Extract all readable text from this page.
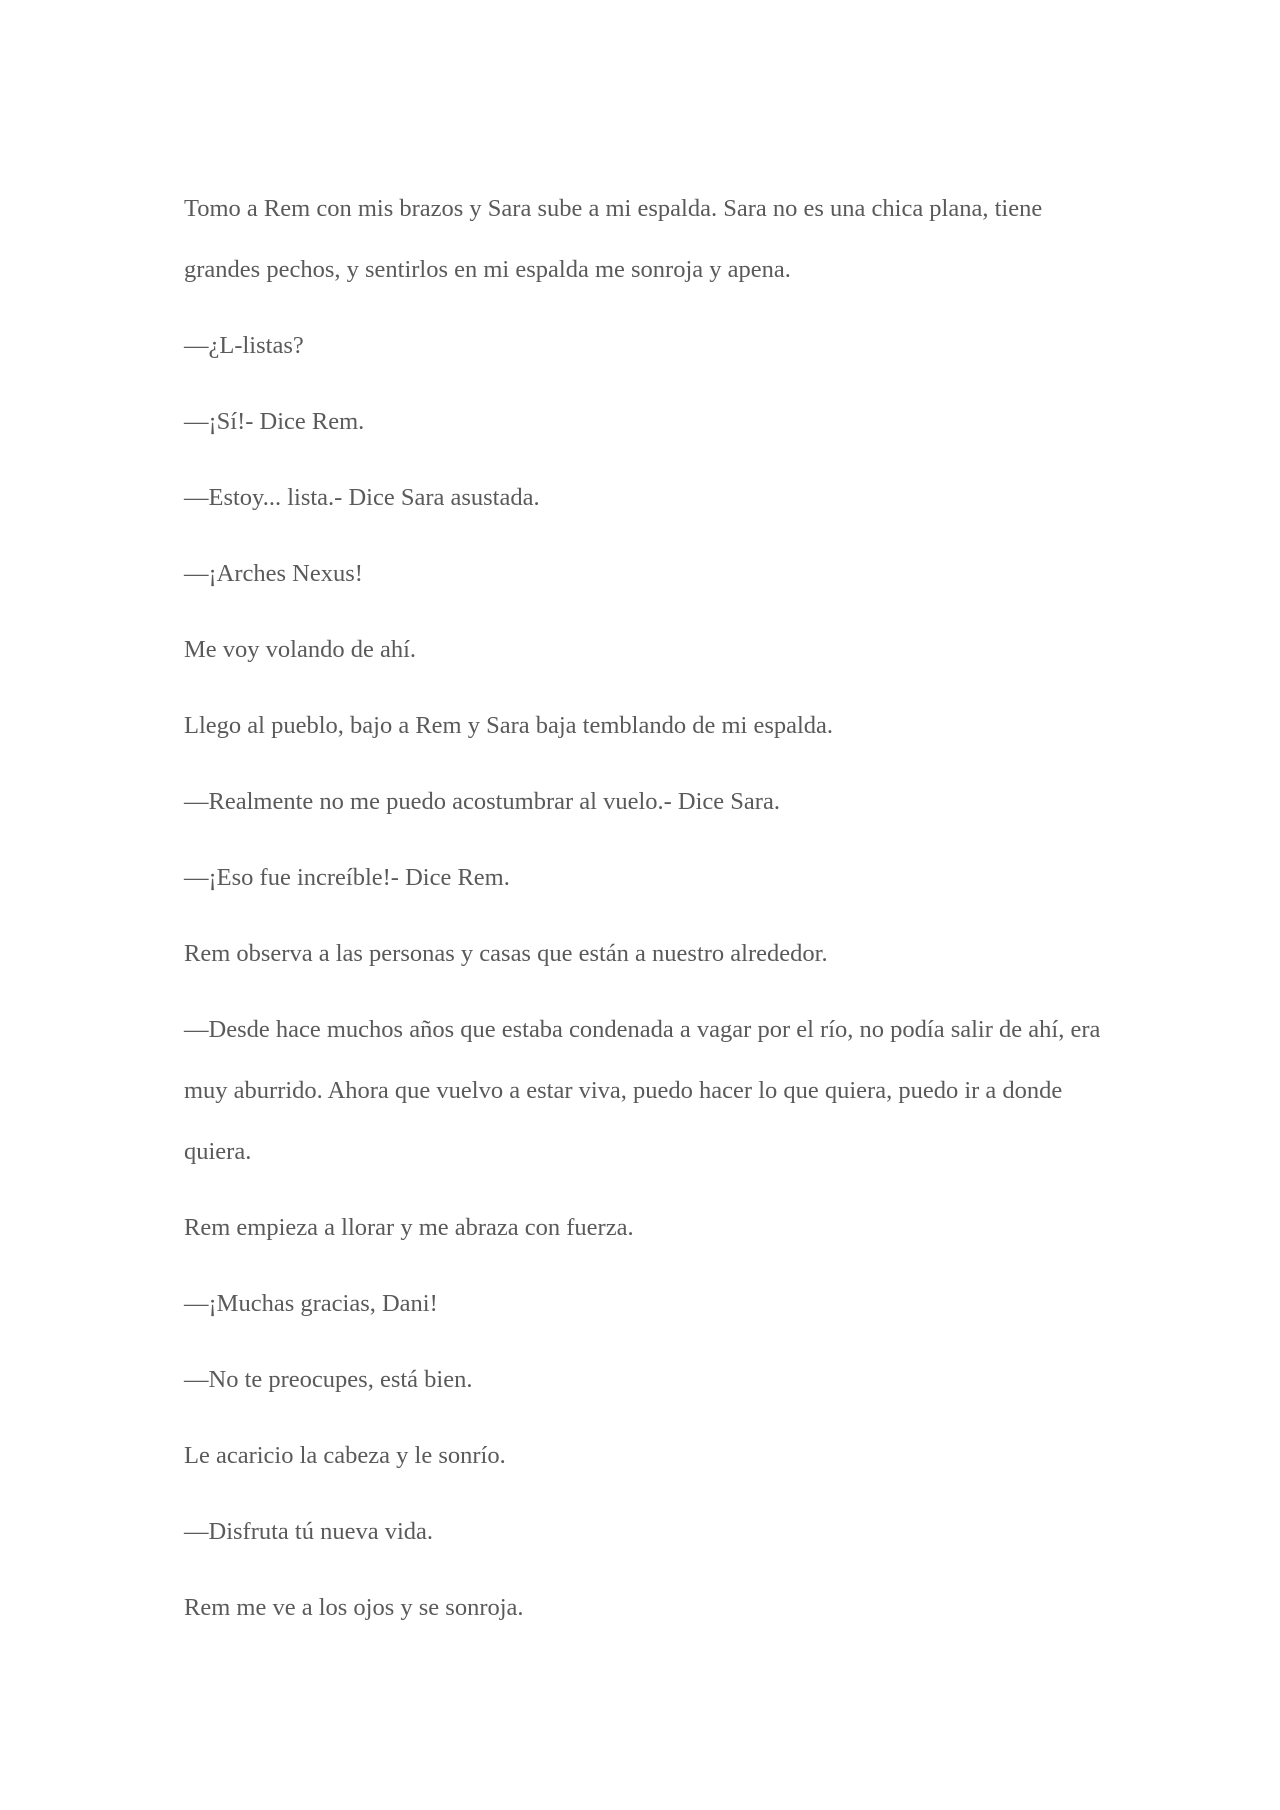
Tomo a Rem con mis brazos y Sara sube a mi espalda. Sara no es una chica plana, tiene grandes pechos, y sentirlos en mi espalda me sonroja y apena.

—¿L-listas?

—¡Sí!- Dice Rem.

—Estoy... lista.- Dice Sara asustada.

—¡Arches Nexus!

Me voy volando de ahí.

Llego al pueblo, bajo a Rem y Sara baja temblando de mi espalda.

—Realmente no me puedo acostumbrar al vuelo.- Dice Sara.

—¡Eso fue increíble!- Dice Rem.

Rem observa a las personas y casas que están a nuestro alrededor.

—Desde hace muchos años que estaba condenada a vagar por el río, no podía salir de ahí, era muy aburrido. Ahora que vuelvo a estar viva, puedo hacer lo que quiera, puedo ir a donde quiera.

Rem empieza a llorar y me abraza con fuerza.

—¡Muchas gracias, Dani!

—No te preocupes, está bien.

Le acaricio la cabeza y le sonrío.

—Disfruta tú nueva vida.

Rem me ve a los ojos y se sonroja.
